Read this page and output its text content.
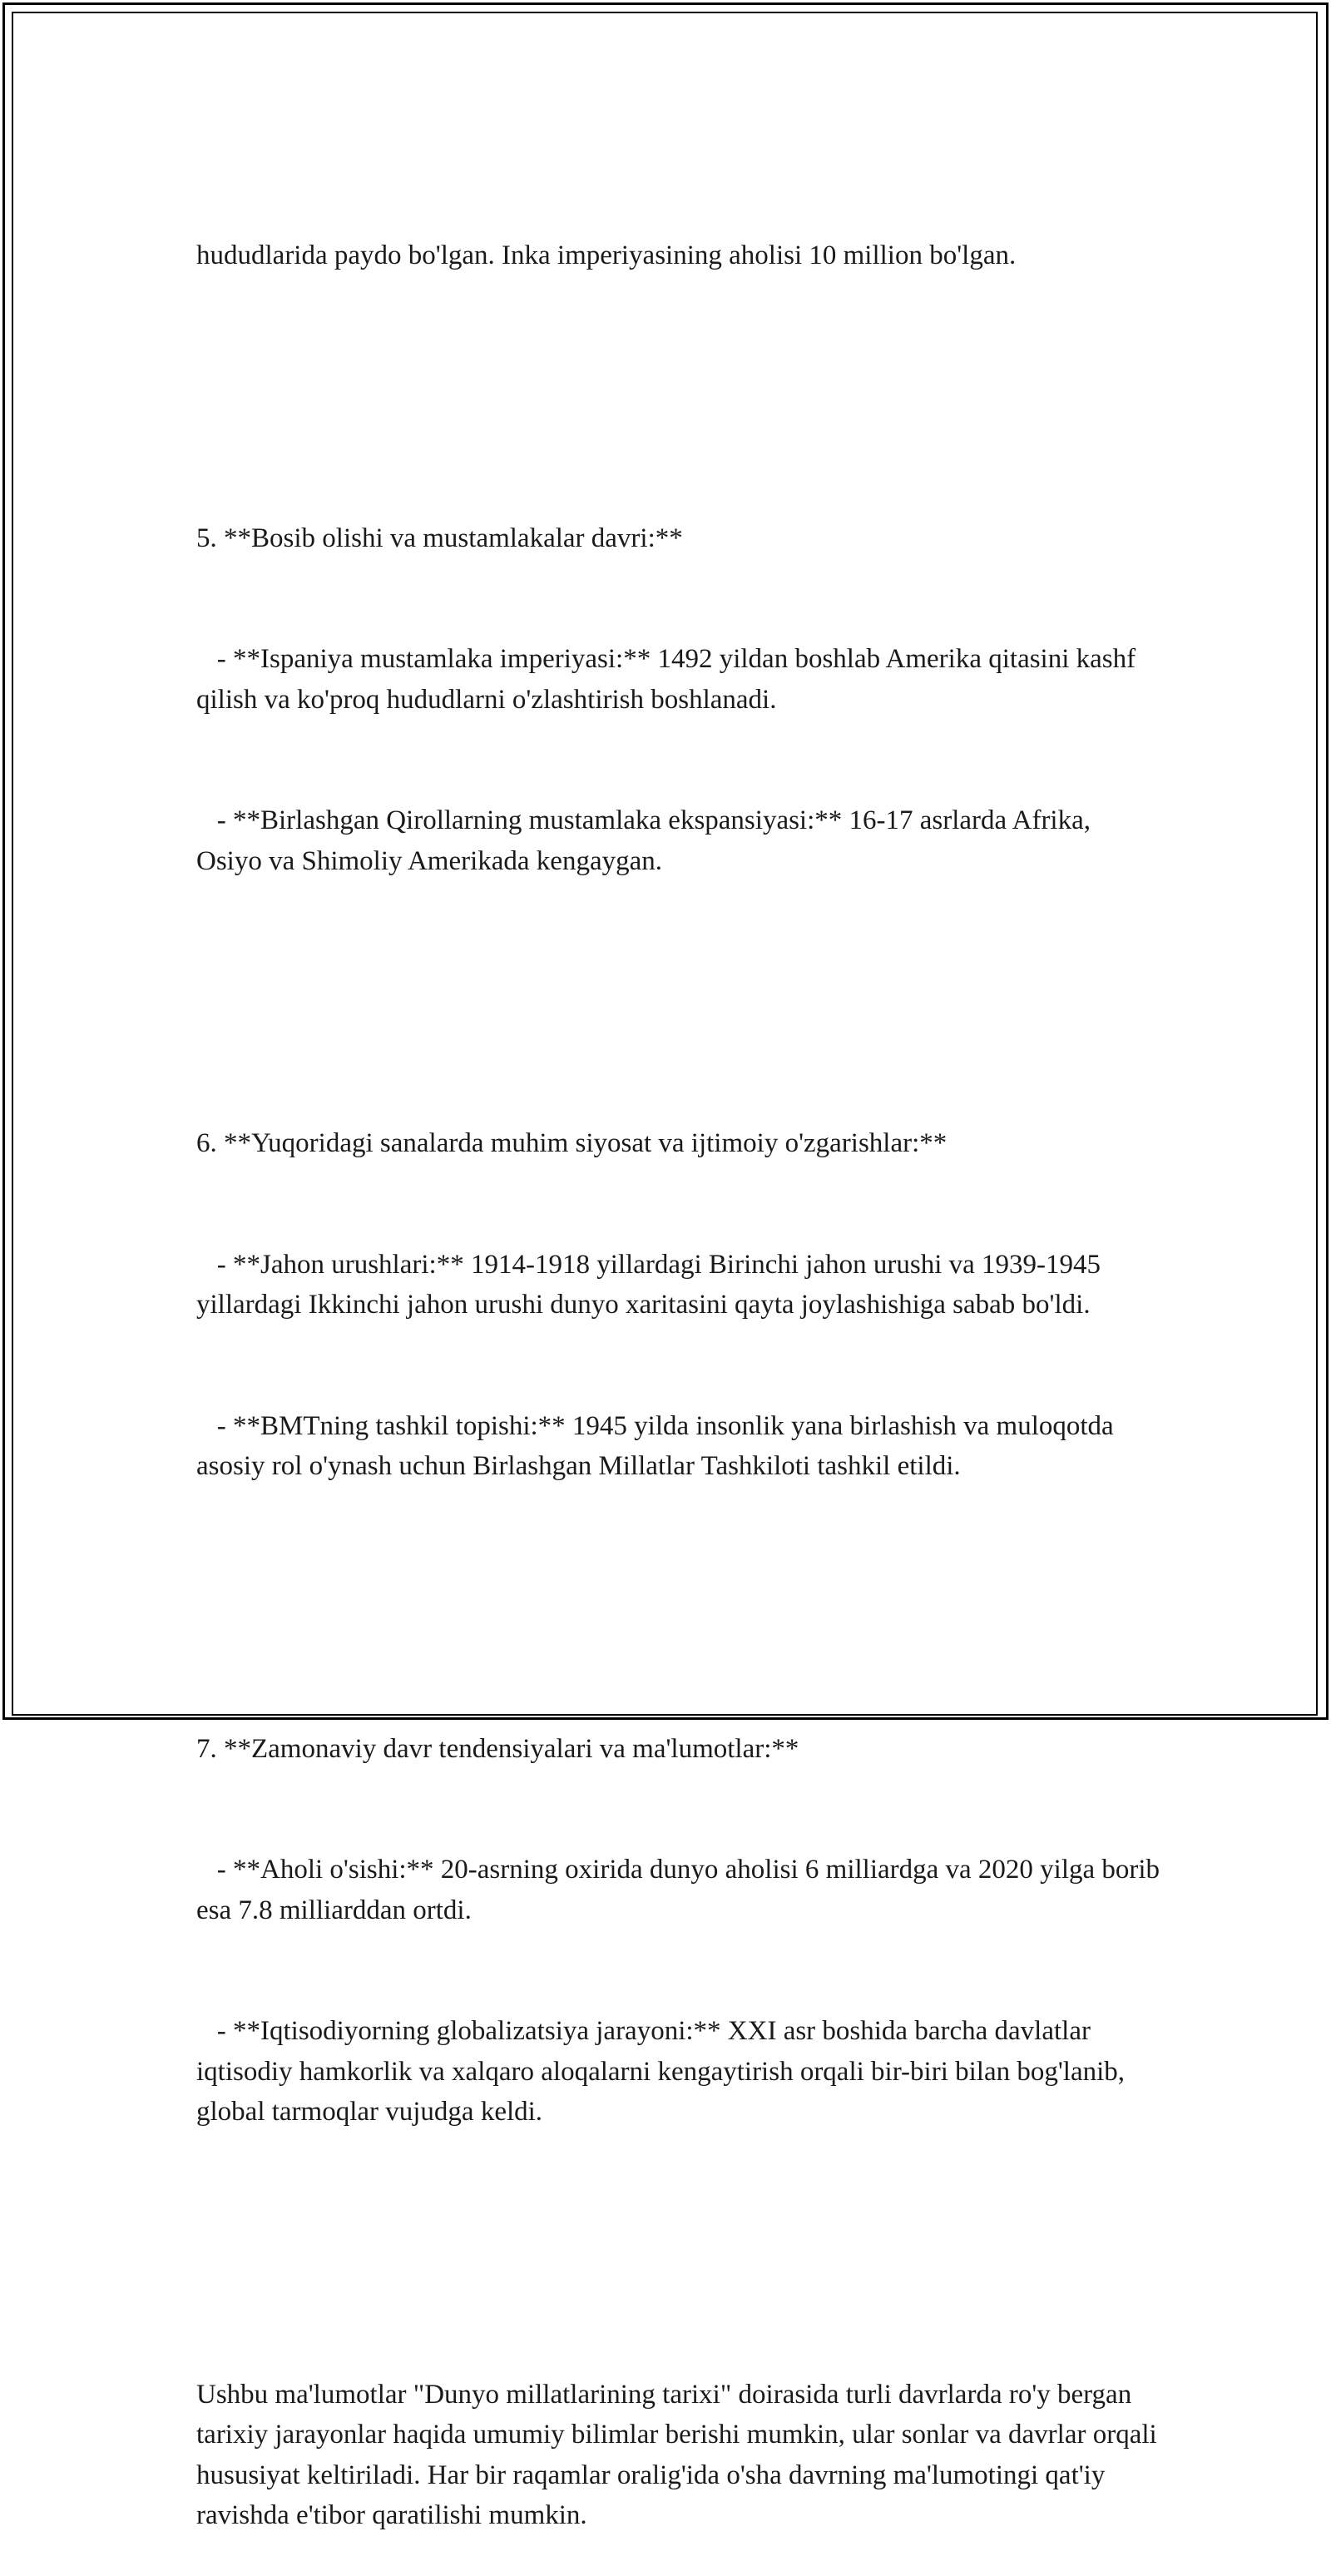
hududlarida paydo bo'lgan. Inka imperiyasining aholisi 10 million bo'lgan.

5. **Bosib olishi va mustamlakalar davri:**

- **Ispaniya mustamlaka imperiyasi:** 1492 yildan boshlab Amerika qitasini kashf qilish va ko'proq hududlarni o'zlashtirish boshlanadi.

- **Birlashgan Qirollarning mustamlaka ekspansiyasi:** 16-17 asrlarda Afrika, Osiyo va Shimoliy Amerikada kengaygan.

6. **Yuqoridagi sanalarda muhim siyosat va ijtimoiy o'zgarishlar:**

- **Jahon urushlari:** 1914-1918 yillardagi Birinchi jahon urushi va 1939-1945 yillardagi Ikkinchi jahon urushi dunyo xaritasini qayta joylashishiga sabab bo'ldi.

- **BMTning tashkil topishi:** 1945 yilda insonlik yana birlashish va muloqotda asosiy rol o'ynash uchun Birlashgan Millatlar Tashkiloti tashkil etildi.

7. **Zamonaviy davr tendensiyalari va ma'lumotlar:**

- **Aholi o'sishi:** 20-asrning oxirida dunyo aholisi 6 milliardga va 2020 yilga borib esa 7.8 milliarddan ortdi.

- **Iqtisodiyorning globalizatsiya jarayoni:** XXI asr boshida barcha davlatlar iqtisodiy hamkorlik va xalqaro aloqalarni kengaytirish orqali bir-biri bilan bog'lanib, global tarmoqlar vujudga keldi.

Ushbu ma'lumotlar "Dunyo millatlarining tarixi" doirasida turli davrlarda ro'y bergan tarixiy jarayonlar haqida umumiy bilimlar berishi mumkin, ular sonlar va davrlar orqali hususiyat keltiriladi. Har bir raqamlar oralig'ida o'sha davrning ma'lumotingi qat'iy ravishda e'tibor qaratilishi mumkin.
